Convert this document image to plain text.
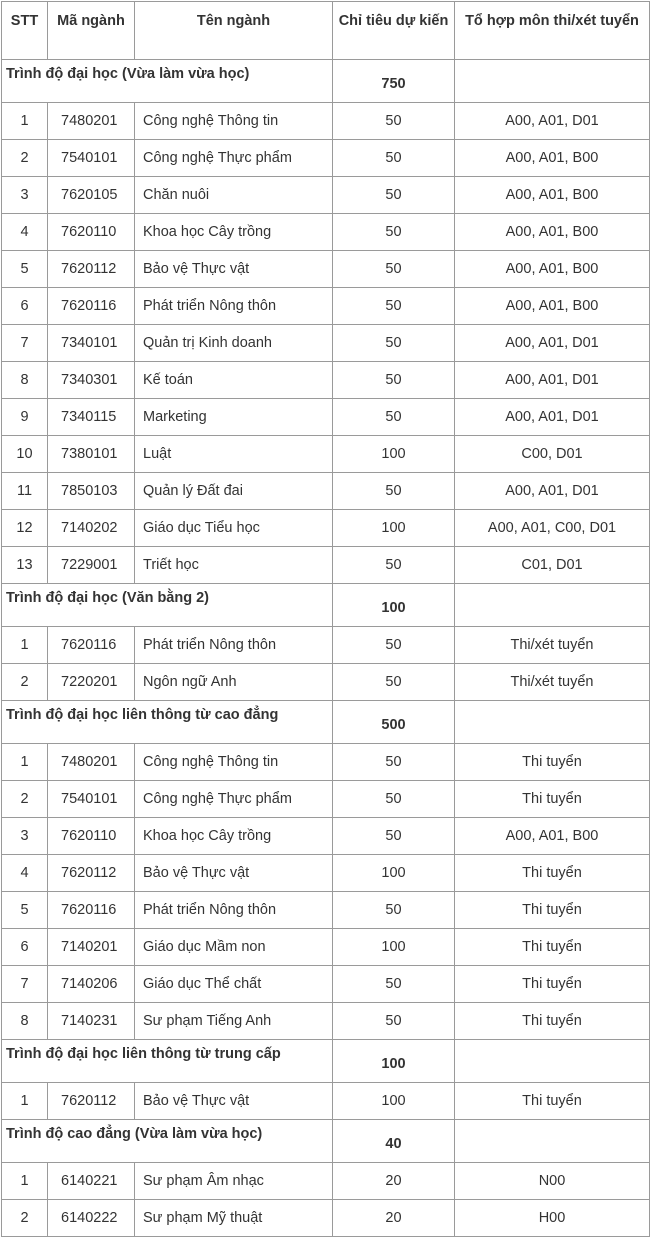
STT	Mã ngành	Tên ngành	Chỉ tiêu dự kiến	Tổ hợp môn thi/xét tuyển
Trình độ đại học (Vừa làm vừa học)			750	
1	7480201	Công nghệ Thông tin	50	A00, A01, D01
2	7540101	Công nghệ Thực phẩm	50	A00, A01, B00
3	7620105	Chăn nuôi	50	A00, A01, B00
4	7620110	Khoa học Cây trồng	50	A00, A01, B00
5	7620112	Bảo vệ Thực vật	50	A00, A01, B00
6	7620116	Phát triển Nông thôn	50	A00, A01, B00
7	7340101	Quản trị Kinh doanh	50	A00, A01, D01
8	7340301	Kế toán	50	A00, A01, D01
9	7340115	Marketing	50	A00, A01, D01
10	7380101	Luật	100	C00, D01
11	7850103	Quản lý Đất đai	50	A00, A01, D01
12	7140202	Giáo dục Tiểu học	100	A00, A01, C00, D01
13	7229001	Triết học	50	C01, D01
Trình độ đại học (Văn bằng 2)			100	
1	7620116	Phát triển Nông thôn	50	Thi/xét tuyển
2	7220201	Ngôn ngữ Anh	50	Thi/xét tuyển
Trình độ đại học liên thông từ cao đẳng			500	
1	7480201	Công nghệ Thông tin	50	Thi tuyển
2	7540101	Công nghệ Thực phẩm	50	Thi tuyển
3	7620110	Khoa học Cây trồng	50	A00, A01, B00
4	7620112	Bảo vệ Thực vật	100	Thi tuyển
5	7620116	Phát triển Nông thôn	50	Thi tuyển
6	7140201	Giáo dục Mầm non	100	Thi tuyển
7	7140206	Giáo dục Thể chất	50	Thi tuyển
8	7140231	Sư phạm Tiếng Anh	50	Thi tuyển
Trình độ đại học liên thông từ trung cấp			100	
1	7620112	Bảo vệ Thực vật	100	Thi tuyển
Trình độ cao đẳng (Vừa làm vừa học)			40	
1	6140221	Sư phạm Âm nhạc	20	N00
2	6140222	Sư phạm Mỹ thuật	20	H00
